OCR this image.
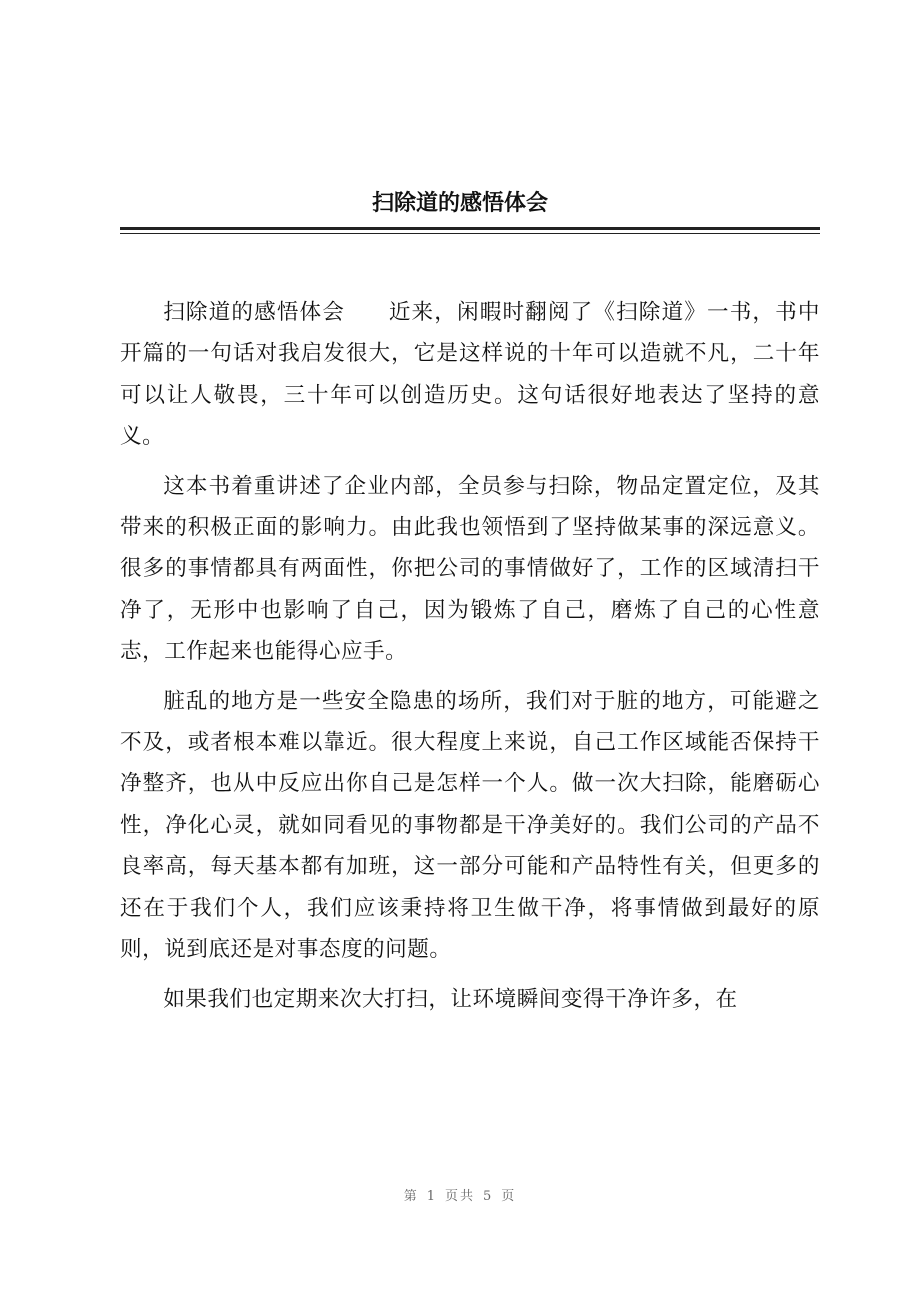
扫除道的感悟体会

扫除道的感悟体会 近来，闲暇时翻阅了《扫除道》一书，书中开篇的一句话对我启发很大，它是这样说的十年可以造就不凡，二十年可以让人敬畏，三十年可以创造历史。这句话很好地表达了坚持的意义。

这本书着重讲述了企业内部，全员参与扫除，物品定置定位，及其带来的积极正面的影响力。由此我也领悟到了坚持做某事的深远意义。很多的事情都具有两面性，你把公司的事情做好了，工作的区域清扫干净了，无形中也影响了自己，因为锻炼了自己，磨炼了自己的心性意志，工作起来也能得心应手。

脏乱的地方是一些安全隐患的场所，我们对于脏的地方，可能避之不及，或者根本难以靠近。很大程度上来说，自己工作区域能否保持干净整齐，也从中反应出你自己是怎样一个人。做一次大扫除，能磨砺心性，净化心灵，就如同看见的事物都是干净美好的。我们公司的产品不良率高，每天基本都有加班，这一部分可能和产品特性有关，但更多的还在于我们个人，我们应该秉持将卫生做干净，将事情做到最好的原则，说到底还是对事态度的问题。

如果我们也定期来次大打扫，让环境瞬间变得干净许多，在

第 1 页共 5 页
